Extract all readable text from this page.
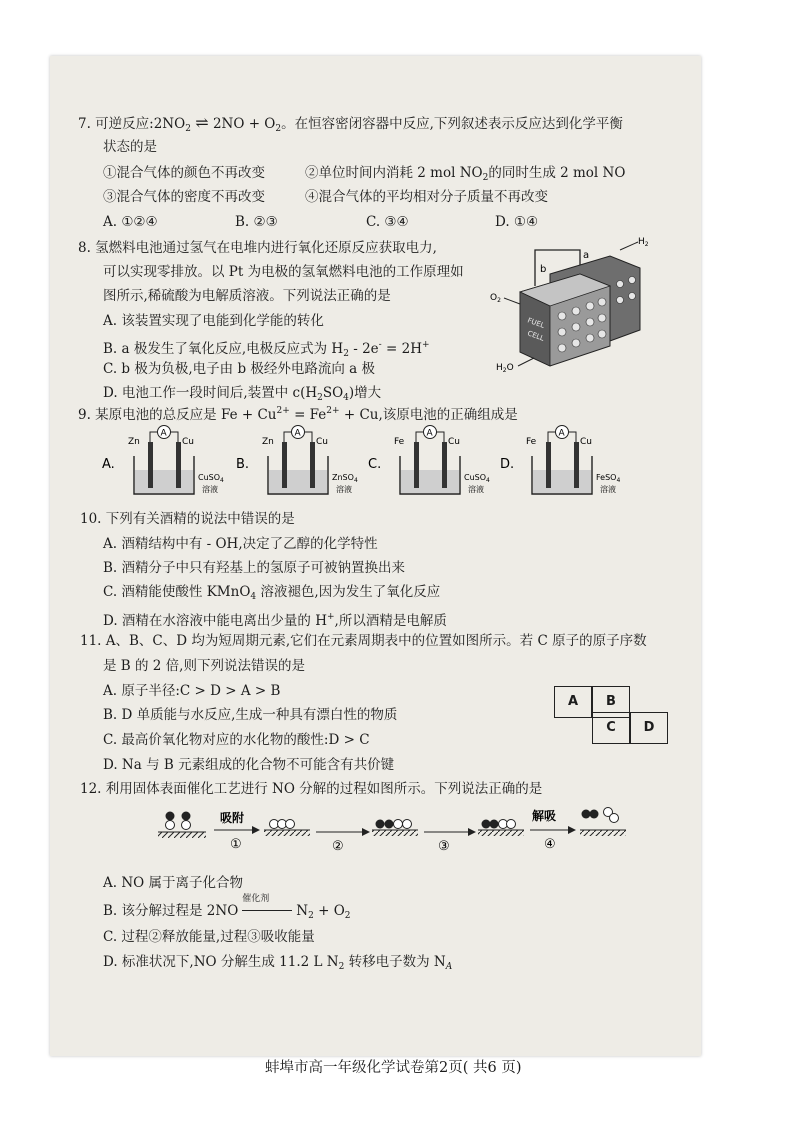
7. 可逆反应$:2NO_2$ ⇌ $2NO + O_2$。在恒容密闭容器中反应,下列叙述表示反应达到化学平衡
状态的是
①混合气体的颜色不再改变	②单位时间内消耗 2 mol $NO_2$的同时生成 2 mol NO
③混合气体的密度不再改变	④混合气体的平均相对分子质量不再改变
A. ①②④	B. ②③	C. ③④	D. ①④
8. 氢燃料电池通过氢气在电堆内进行氧化还原反应获取电力,
可以实现零排放。以 Pt 为电极的氢氧燃料电池的工作原理如
图所示,稀硫酸为电解质溶液。下列说法正确的是
A. 该装置实现了电能到化学能的转化
B. a 极发生了氧化反应,电极反应式为 $H_2 - 2e^- = 2H^+$
C. b 极为负极,电子由 b 极经外电路流向 a 极
D. 电池工作一段时间后,装置中 $c(H_2SO_4)$增大
FUEL
CELL
b
a
$H_2$
$O_2$
$H_2O$
9. 某原电池的总反应是 $Fe + Cu^{2+} = Fe^{2+} + Cu$,该原电池的正确组成是
A.
A
Zn	Cu
CuSO$_4$
溶液
B.
A
Zn	Cu
ZnSO$_4$
溶液
C.
A
Fe	Cu
CuSO$_4$
溶液
D.
A
Fe	Cu
FeSO$_4$
溶液
10. 下列有关酒精的说法中错误的是
A. 酒精结构中有 - OH,决定了乙醇的化学特性
B. 酒精分子中只有羟基上的氢原子可被钠置换出来
C. 酒精能使酸性 KMnO$_4$ 溶液褪色,因为发生了氧化反应
D. 酒精在水溶液中能电离出少量的 H+,所以酒精是电解质
11. A、B、C、D 均为短周期元素,它们在元素周期表中的位置如图所示。若 C 原子的原子序数
是 B 的 2 倍,则下列说法错误的是
A. 原子半径:C > D > A > B
B. D 单质能与水反应,生成一种具有漂白性的物质
C. 最高价氧化物对应的水化物的酸性:D > C
D. Na 与 B 元素组成的化合物不可能含有共价键
A	B
C	D
12. 利用固体表面催化工艺进行 NO 分解的过程如图所示。下列说法正确的是
吸附
①	②	③
解吸
④
A. NO 属于离子化合物
B. 该分解过程是 2NO
催化剂
$N_2 + O_2$
C. 过程②释放能量,过程③吸收能量
D. 标准状况下,NO 分解生成 11.2 L $N_2$ 转移电子数为 $N_A$
蚌埠市高一年级化学试卷第2页( 共6 页)
